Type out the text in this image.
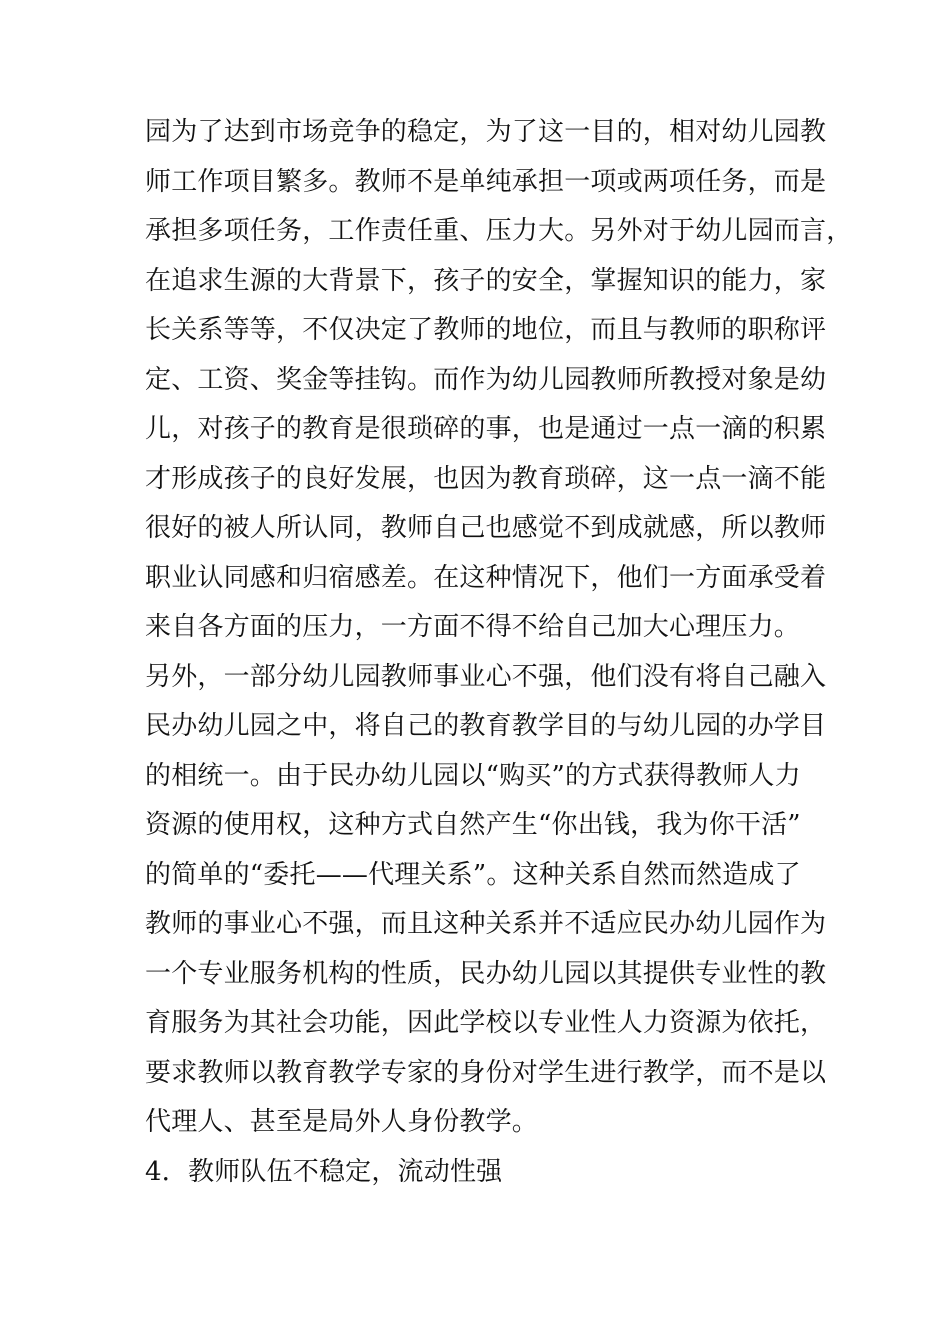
园为了达到市场竞争的稳定，为了这一目的，相对幼儿园教
师工作项目繁多。教师不是单纯承担一项或两项任务，而是
承担多项任务，工作责任重、压力大。另外对于幼儿园而言，
在追求生源的大背景下，孩子的安全，掌握知识的能力，家
长关系等等，不仅决定了教师的地位，而且与教师的职称评
定、工资、奖金等挂钩。而作为幼儿园教师所教授对象是幼
儿，对孩子的教育是很琐碎的事，也是通过一点一滴的积累
才形成孩子的良好发展，也因为教育琐碎，这一点一滴不能
很好的被人所认同，教师自己也感觉不到成就感，所以教师
职业认同感和归宿感差。在这种情况下，他们一方面承受着
来自各方面的压力，一方面不得不给自己加大心理压力。
另外，一部分幼儿园教师事业心不强，他们没有将自己融入
民办幼儿园之中，将自己的教育教学目的与幼儿园的办学目
的相统一。由于民办幼儿园以“购买”的方式获得教师人力
资源的使用权，这种方式自然产生“你出钱，我为你干活”
的简单的“委托——代理关系”。这种关系自然而然造成了
教师的事业心不强，而且这种关系并不适应民办幼儿园作为
一个专业服务机构的性质，民办幼儿园以其提供专业性的教
育服务为其社会功能，因此学校以专业性人力资源为依托，
要求教师以教育教学专家的身份对学生进行教学，而不是以
代理人、甚至是局外人身份教学。
4．教师队伍不稳定，流动性强
